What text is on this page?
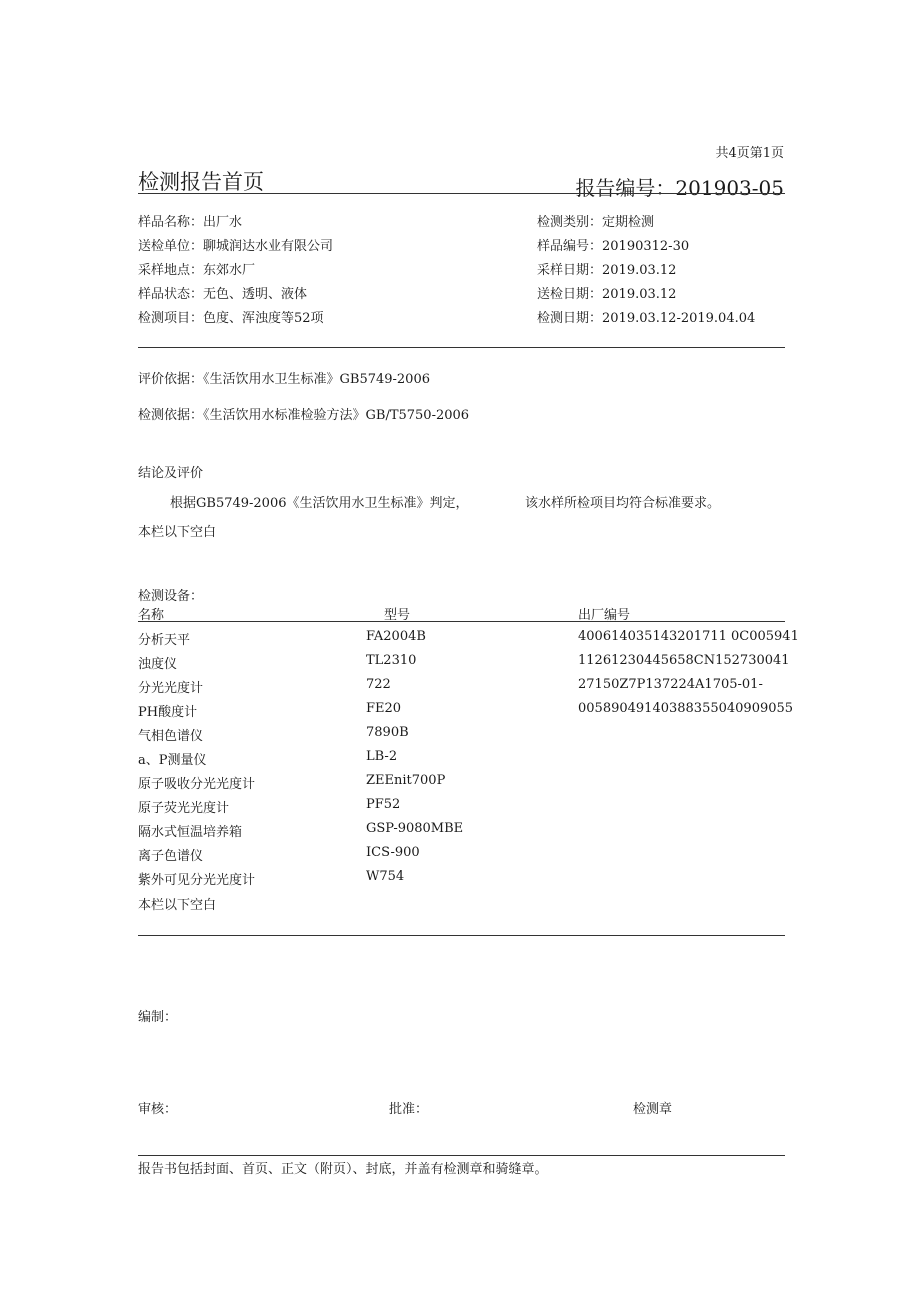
共4页第1页
检测报告首页	报告编号：201903-05
样品名称：出厂水
送检单位：聊城润达水业有限公司
采样地点：东郊水厂
样品状态：无色、透明、液体
检测项目：色度、浑浊度等52项
检测类别：定期检测
样品编号：20190312-30
采样日期：2019.03.12
送检日期：2019.03.12
检测日期：2019.03.12-2019.04.04
评价依据：《生活饮用水卫生标准》GB5749-2006
检测依据：《生活饮用水标准检验方法》GB/T5750-2006
结论及评价
根据GB5749-2006《生活饮用水卫生标准》判定，	该水样所检项目均符合标准要求。
本栏以下空白
检测设备：
名称	型号	出厂编号
分析天平	FA2004B	400614035143201711 0C005941
浊度仪	TL2310	11261230445658CN152730041
分光光度计	722	27150Z7P137224A1705-01-
PH酸度计	FE20	00589049140388355040909055
气相色谱仪	7890B
a、P测量仪	LB-2
原子吸收分光光度计	ZEEnit700P
原子荧光光度计	PF52
隔水式恒温培养箱	GSP-9080MBE
离子色谱仪	ICS-900
紫外可见分光光度计	W754
本栏以下空白
编制：
审核：	批准：	检测章
报告书包括封面、首页、正文（附页）、封底，并盖有检测章和骑缝章。
